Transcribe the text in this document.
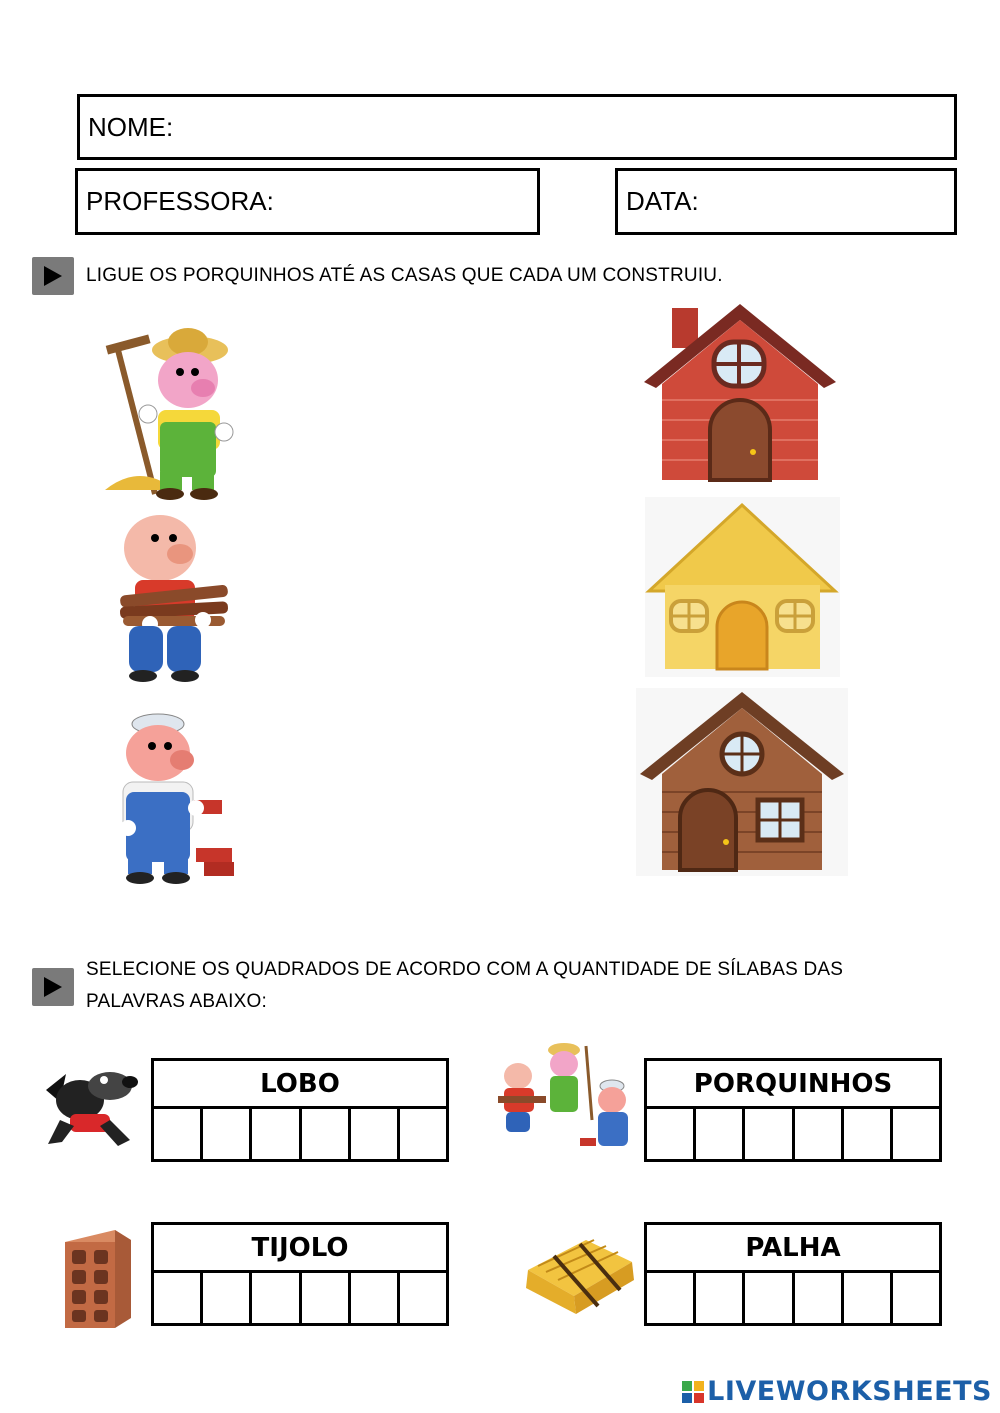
NOME:
PROFESSORA:	DATA:
LIGUE OS PORQUINHOS ATÉ AS CASAS QUE CADA UM CONSTRUIU.
SELECIONE OS QUADRADOS DE ACORDO COM A QUANTIDADE DE SÍLABAS DAS
PALAVRAS ABAIXO:
LOBO	PORQUINHOS
TIJOLO	PALHA
LIVEWORKSHEETS
